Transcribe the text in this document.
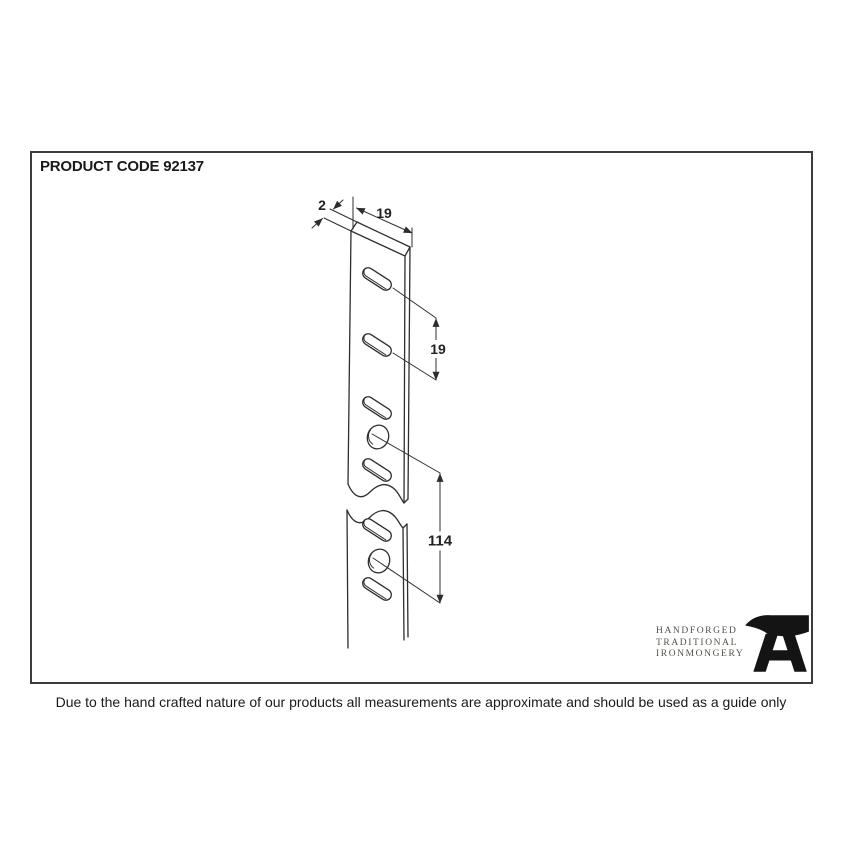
PRODUCT CODE 92137
2	19
19
114
HANDFORGED
TRADITIONAL
IRONMONGERY
Due to the hand crafted nature of our products all measurements are approximate and should be used as a guide only
